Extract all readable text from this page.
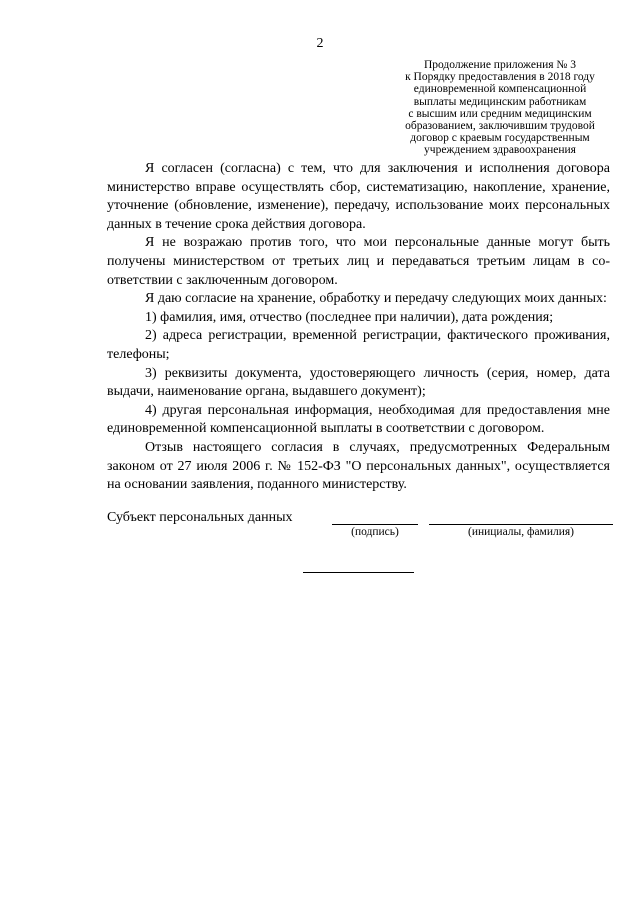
2
Продолжение приложения № 3
к Порядку предоставления в 2018 году
единовременной компенсационной
выплаты медицинским работникам
с высшим или средним медицинским
образованием, заключившим трудовой
договор с краевым государственным
учреждением здравоохранения

Я согласен (согласна) с тем, что для заключения и исполнения договора министерство вправе осуществлять сбор, систематизацию, накопление, хранение, уточнение (обновление, изменение), передачу, использование моих персональных данных в течение срока действия договора.

Я не возражаю против того, что мои персональные данные могут быть получены министерством от третьих лиц и передаваться третьим лицам в соответствии с заключенным договором.

Я даю согласие на хранение, обработку и передачу следующих моих данных:

1) фамилия, имя, отчество (последнее при наличии), дата рождения;

2) адреса регистрации, временной регистрации, фактического проживания, телефоны;

3) реквизиты документа, удостоверяющего личность (серия, номер, дата выдачи, наименование органа, выдавшего документ);

4) другая персональная информация, необходимая для предоставления мне единовременной компенсационной выплаты в соответствии с договором.

Отзыв настоящего согласия в случаях, предусмотренных Федеральным законом от 27 июля 2006 г. № 152-ФЗ "О персональных данных", осуществляется на основании заявления, поданного министерству.

Субъект персональных данных
(подпись)	(инициалы, фамилия)
